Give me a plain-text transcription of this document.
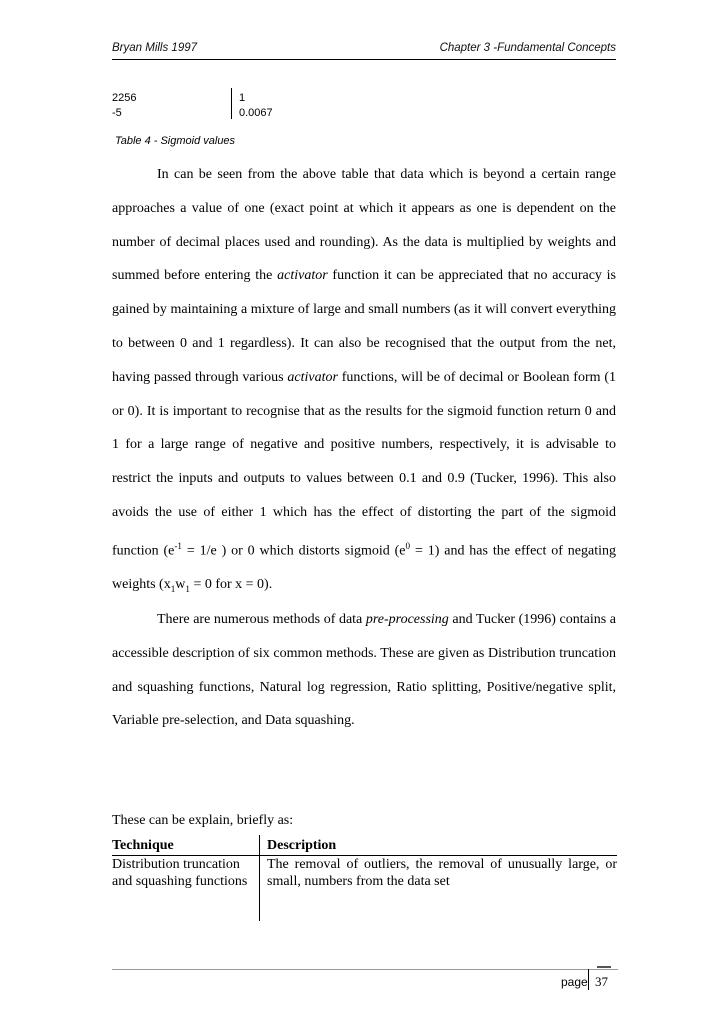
Bryan Mills 1997	Chapter 3 -Fundamental Concepts
2256
-5
1
0.0067
Table 4 - Sigmoid values

In can be seen from the above table that data which is beyond a certain range approaches a value of one (exact point at which it appears as one is dependent on the number of decimal places used and rounding). As the data is multiplied by weights and summed before entering the activator function it can be appreciated that no accuracy is gained by maintaining a mixture of large and small numbers (as it will convert everything to between 0 and 1 regardless). It can also be recognised that the output from the net, having passed through various activator functions, will be of decimal or Boolean form (1 or 0). It is important to recognise that as the results for the sigmoid function return 0 and 1 for a large range of negative and positive numbers, respectively, it is advisable to restrict the inputs and outputs to values between 0.1 and 0.9 (Tucker, 1996). This also avoids the use of either 1 which has the effect of distorting the part of the sigmoid function ($e^{-1} = 1/e$ ) or 0 which distorts sigmoid $(e^0 = 1)$ and has the effect of negating weights ($x_1w_1 = 0$ for x = 0).

There are numerous methods of data pre-processing and Tucker (1996) contains a accessible description of six common methods. These are given as Distribution truncation and squashing functions, Natural log regression, Ratio splitting, Positive/negative split, Variable pre-selection, and Data squashing.

These can be explain, briefly as:
Technique	Description
Distribution truncation and squashing functions
The removal of outliers, the removal of unusually large, or small, numbers from the data set
page 37
